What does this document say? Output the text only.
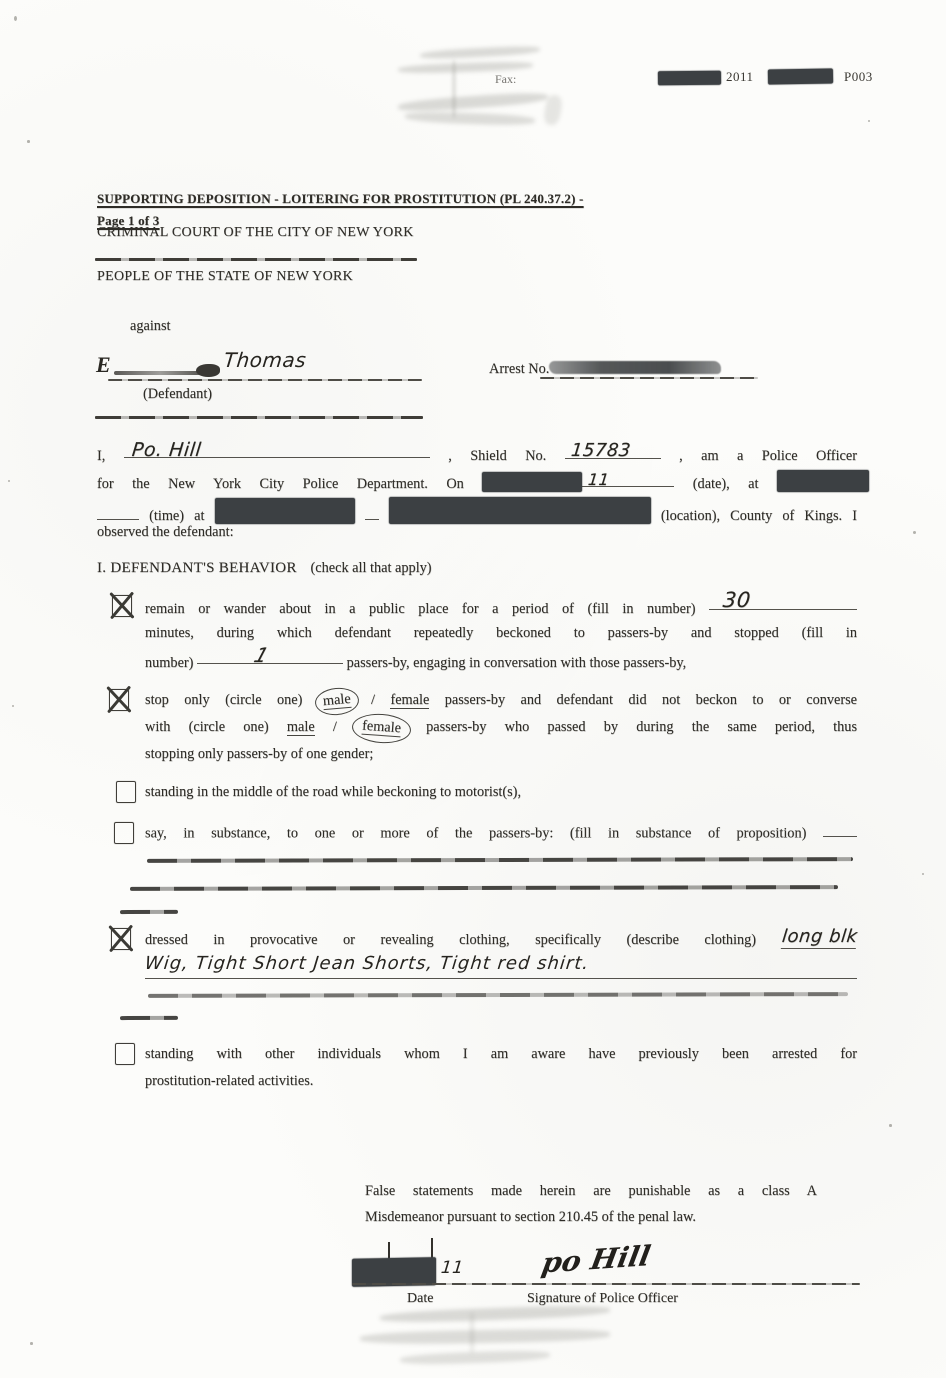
Fax:	2011	P003
SUPPORTING DEPOSITION - LOITERING FOR PROSTITUTION (PL 240.37.2) - Page 1 of 3
CRIMINAL COURT OF THE CITY OF NEW YORK
PEOPLE OF THE STATE OF NEW YORK
against
E	Thomas
(Defendant)
Arrest No.
I, Po. Hill	, Shield No. 15783	, am a Police Officer
for the New York City Police Department. On	11	(date), at
(time) at	(location), County of Kings. I
observed the defendant:
I. DEFENDANT'S BEHAVIOR (check all that apply)
remain or wander about in a public place for a period of (fill in number) 30
minutes, during which defendant repeatedly beckoned to passers-by and stopped (fill in
number)	1	passers-by, engaging in conversation with those passers-by,
stop only (circle one) male / female passers-by and defendant did not beckon to or converse
with (circle one) male / female passers-by who passed by during the same period, thus
stopping only passers-by of one gender;
standing in the middle of the road while beckoning to motorist(s),
say, in substance, to one or more of the passers-by: (fill in substance of proposition)
dressed in provocative or revealing clothing, specifically (describe clothing) long blk
Wig, Tight Short Jean Shorts, Tight red shirt.
standing with other individuals whom I am aware have previously been arrested for
prostitution-related activities.
False statements made herein are punishable as a class A
Misdemeanor pursuant to section 210.45 of the penal law.
11	po Hill
Date	Signature of Police Officer
